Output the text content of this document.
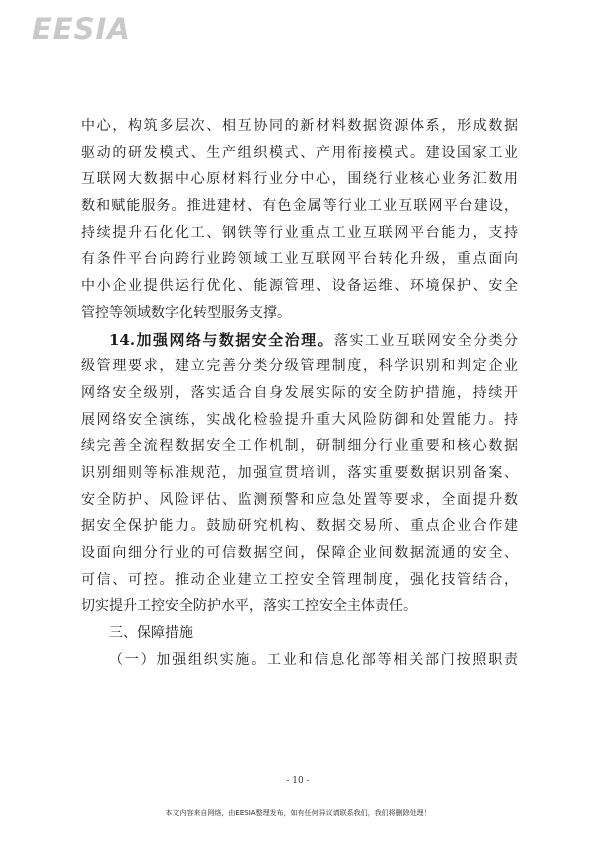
EESIA
中心，构筑多层次、相互协同的新材料数据资源体系，形成数据
驱动的研发模式、生产组织模式、产用衔接模式。建设国家工业
互联网大数据中心原材料行业分中心，围绕行业核心业务汇数用
数和赋能服务。推进建材、有色金属等行业工业互联网平台建设，
持续提升石化化工、钢铁等行业重点工业互联网平台能力，支持
有条件平台向跨行业跨领域工业互联网平台转化升级，重点面向
中小企业提供运行优化、能源管理、设备运维、环境保护、安全
管控等领域数字化转型服务支撑。
14.加强网络与数据安全治理。落实工业互联网安全分类分
级管理要求，建立完善分类分级管理制度，科学识别和判定企业
网络安全级别，落实适合自身发展实际的安全防护措施，持续开
展网络安全演练，实战化检验提升重大风险防御和处置能力。持
续完善全流程数据安全工作机制，研制细分行业重要和核心数据
识别细则等标准规范，加强宣贯培训，落实重要数据识别备案、
安全防护、风险评估、监测预警和应急处置等要求，全面提升数
据安全保护能力。鼓励研究机构、数据交易所、重点企业合作建
设面向细分行业的可信数据空间，保障企业间数据流通的安全、
可信、可控。推动企业建立工控安全管理制度，强化技管结合，
切实提升工控安全防护水平，落实工控安全主体责任。
三、保障措施
（一）加强组织实施。工业和信息化部等相关部门按照职责
- 10 -
本文内容来自网络，由EESIA整理发布，如有任何异议请联系我们，我们将删除处理！
